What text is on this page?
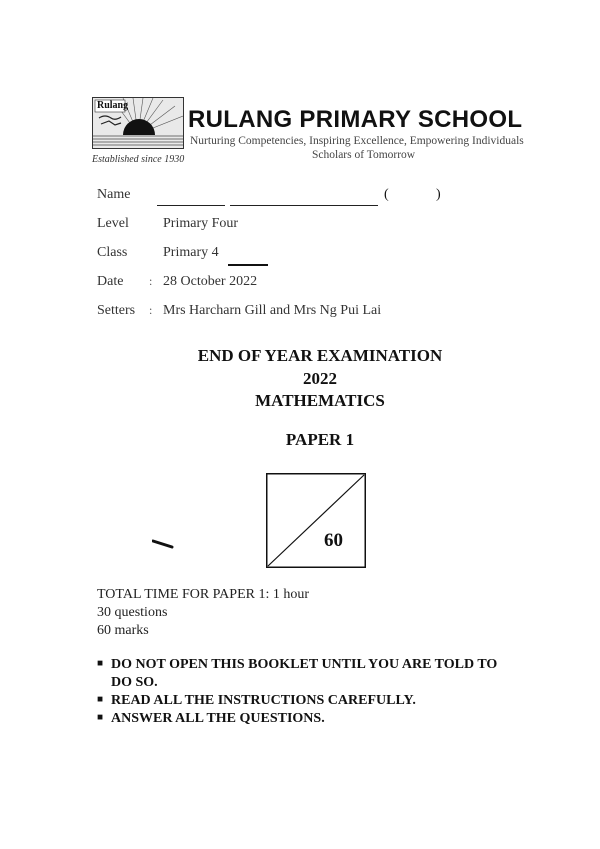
Rulang
RULANG PRIMARY SCHOOL
Nurturing Competencies, Inspiring Excellence, Empowering Individuals
Scholars of Tomorrow
Established since 1930
Name	(	)
Level Primary Four
Class	Primary 4
Date : 28 October 2022
Setters : Mrs Harcharn Gill and Mrs Ng Pui Lai
END OF YEAR EXAMINATION
2022
MATHEMATICS
PAPER 1
60
TOTAL TIME FOR PAPER 1: 1 hour
30 questions
60 marks
■ DO NOT OPEN THIS BOOKLET UNTIL YOU ARE TOLD TO
DO SO.
■ READ ALL THE INSTRUCTIONS CAREFULLY.
■ ANSWER ALL THE QUESTIONS.
